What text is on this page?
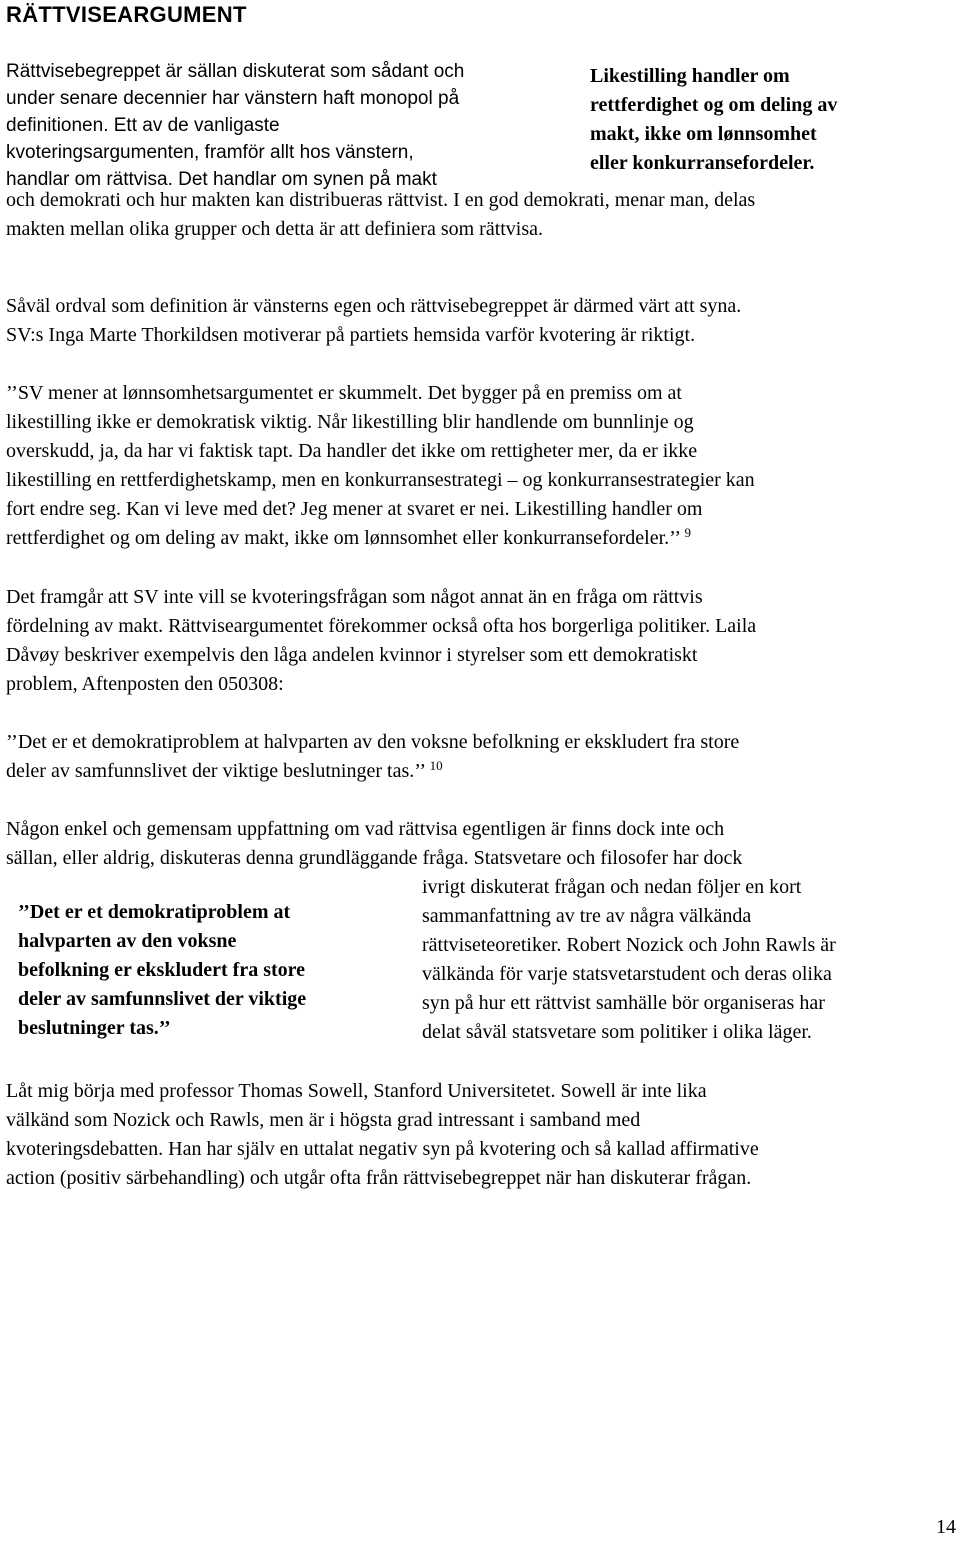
RÄTTVISEARGUMENT
Rättvisebegreppet är sällan diskuterat som sådant och
under senare decennier har vänstern haft monopol på
definitionen. Ett av de vanligaste
kvoteringsargumenten, framför allt hos vänstern,
handlar om rättvisa. Det handlar om synen på makt
och demokrati och hur makten kan distribueras rättvist. I en god demokrati, menar man, delas
makten mellan olika grupper och detta är att definiera som rättvisa.
Likestilling handler om
rettferdighet og om deling av
makt, ikke om lønnsomhet
eller konkurransefordeler.
Såväl ordval som definition är vänsterns egen och rättvisebegreppet är därmed värt att syna.
SV:s Inga Marte Thorkildsen motiverar på partiets hemsida varför kvotering är riktigt.
’’SV mener at lønnsomhetsargumentet er skummelt. Det bygger på en premiss om at
likestilling ikke er demokratisk viktig. Når likestilling blir handlende om bunnlinje og
overskudd, ja, da har vi faktisk tapt. Da handler det ikke om rettigheter mer, da er ikke
likestilling en rettferdighetskamp, men en konkurransestrategi – og konkurransestrategier kan
fort endre seg. Kan vi leve med det? Jeg mener at svaret er nei. Likestilling handler om
rettferdighet og om deling av makt, ikke om lønnsomhet eller konkurransefordeler.’’ $^9$
Det framgår att SV inte vill se kvoteringsfrågan som något annat än en fråga om rättvis
fördelning av makt. Rättviseargumentet förekommer också ofta hos borgerliga politiker. Laila
Dåvøy beskriver exempelvis den låga andelen kvinnor i styrelser som ett demokratiskt
problem, Aftenposten den 050308:
’’Det er et demokratiproblem at halvparten av den voksne befolkning er ekskludert fra store
deler av samfunnslivet der viktige beslutninger tas.’’ $^{10}$
Någon enkel och gemensam uppfattning om vad rättvisa egentligen är finns dock inte och
sällan, eller aldrig, diskuteras denna grundläggande fråga. Statsvetare och filosofer har dock
ivrigt diskuterat frågan och nedan följer en kort
sammanfattning av tre av några välkända
rättviseteoretiker. Robert Nozick och John Rawls är
välkända för varje statsvetarstudent och deras olika
syn på hur ett rättvist samhälle bör organiseras har
delat såväl statsvetare som politiker i olika läger.
’’Det er et demokratiproblem at
halvparten av den voksne
befolkning er ekskludert fra store
deler av samfunnslivet der viktige
beslutninger tas.’’
Låt mig börja med professor Thomas Sowell, Stanford Universitetet. Sowell är inte lika
välkänd som Nozick och Rawls, men är i högsta grad intressant i samband med
kvoteringsdebatten. Han har själv en uttalat negativ syn på kvotering och så kallad affirmative
action (positiv särbehandling) och utgår ofta från rättvisebegreppet när han diskuterar frågan.
14
